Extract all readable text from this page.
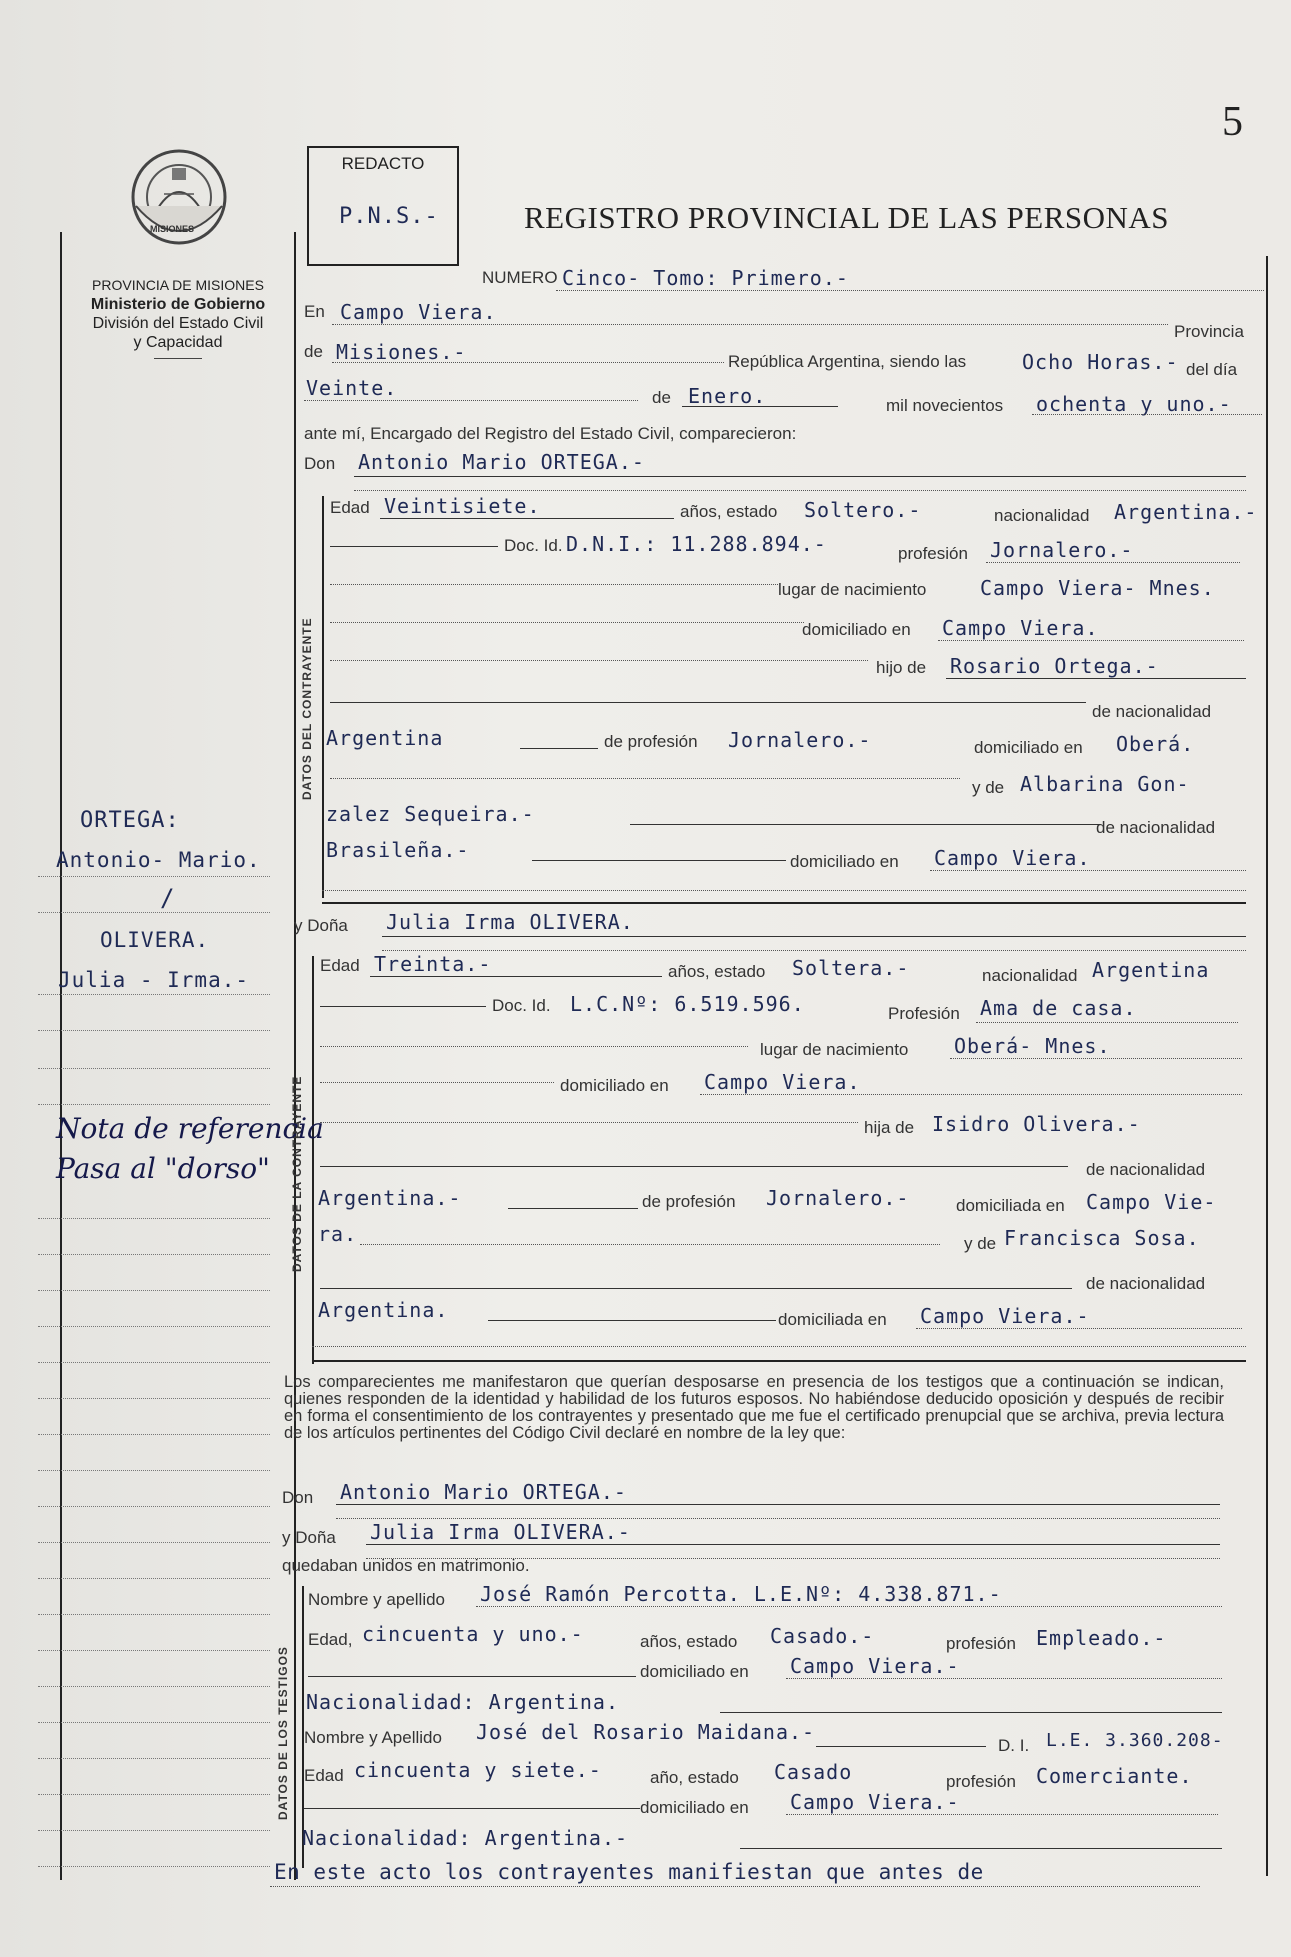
5
MISIONES
PROVINCIA DE MISIONES
Ministerio de Gobierno
División del Estado Civil
y Capacidad
REDACTO
P.N.S.-	REGISTRO PROVINCIAL DE LAS PERSONAS
NUMERO Cinco- Tomo: Primero.-
En Campo Viera.
Provincia
de Misiones.-	República Argentina, siendo las	Ocho Horas.- del día
Veinte.	de Enero.	mil novecientos ochenta y uno.-
ante mí, Encargado del Registro del Estado Civil, comparecieron:
Don Antonio Mario ORTEGA.-
DATOS DEL CONTRAYENTE
Edad Veintisiete.	años, estado Soltero.-	nacionalidad Argentina.-
Doc. Id. D.N.I.: 11.288.894.-	profesión Jornalero.-
lugar de nacimiento	Campo Viera- Mnes.
domiciliado en Campo Viera.
hijo de Rosario Ortega.-
de nacionalidad
Argentina	de profesión Jornalero.-	domiciliado en Oberá.
y de Albarina Gon-
zalez Sequeira.-
de nacionalidad
Brasileña.-	domiciliado en Campo Viera.
y Doña Julia Irma OLIVERA.
DATOS DE LA CONTRAYENTE
Edad Treinta.-	años, estado Soltera.-	nacionalidad Argentina
Doc. Id. L.C.Nº: 6.519.596.	Profesión Ama de casa.
lugar de nacimiento Oberá- Mnes.
domiciliado en Campo Viera.
hija de Isidro Olivera.-
de nacionalidad
Argentina.-	de profesión Jornalero.-	domiciliada en Campo Vie-
ra.	y de Francisca Sosa.
de nacionalidad
Argentina.	domiciliada en Campo Viera.-
Los comparecientes me manifestaron que querían desposarse en presencia de los testigos que a continuación se indican, quienes responden de la identidad y habilidad de los futuros esposos. No habiéndose deducido oposición y después de recibir en forma el consentimiento de los contrayentes y presentado que me fue el certificado prenupcial que se archiva, previa lectura de los artículos pertinentes del Código Civil declaré en nombre de la ley que:
Don Antonio Mario ORTEGA.-
y Doña Julia Irma OLIVERA.-
quedaban unidos en matrimonio.
DATOS DE LOS TESTIGOS
Nombre y apellido José Ramón Percotta. L.E.Nº: 4.338.871.-
Edad, cincuenta y uno.-	años, estado Casado.-	profesión Empleado.-
domiciliado en Campo Viera.-
Nacionalidad: Argentina.
Nombre y Apellido José del Rosario Maidana.-
D. I. L.E. 3.360.208-
Edad cincuenta y siete.-	año, estado Casado	profesión Comerciante.
domiciliado en Campo Viera.-
Nacionalidad: Argentina.-
En este acto los contrayentes manifiestan que antes de
ORTEGA:
Antonio- Mario.
/
OLIVERA.
Julia - Irma.-
Nota de referencia
Pasa al "dorso"
